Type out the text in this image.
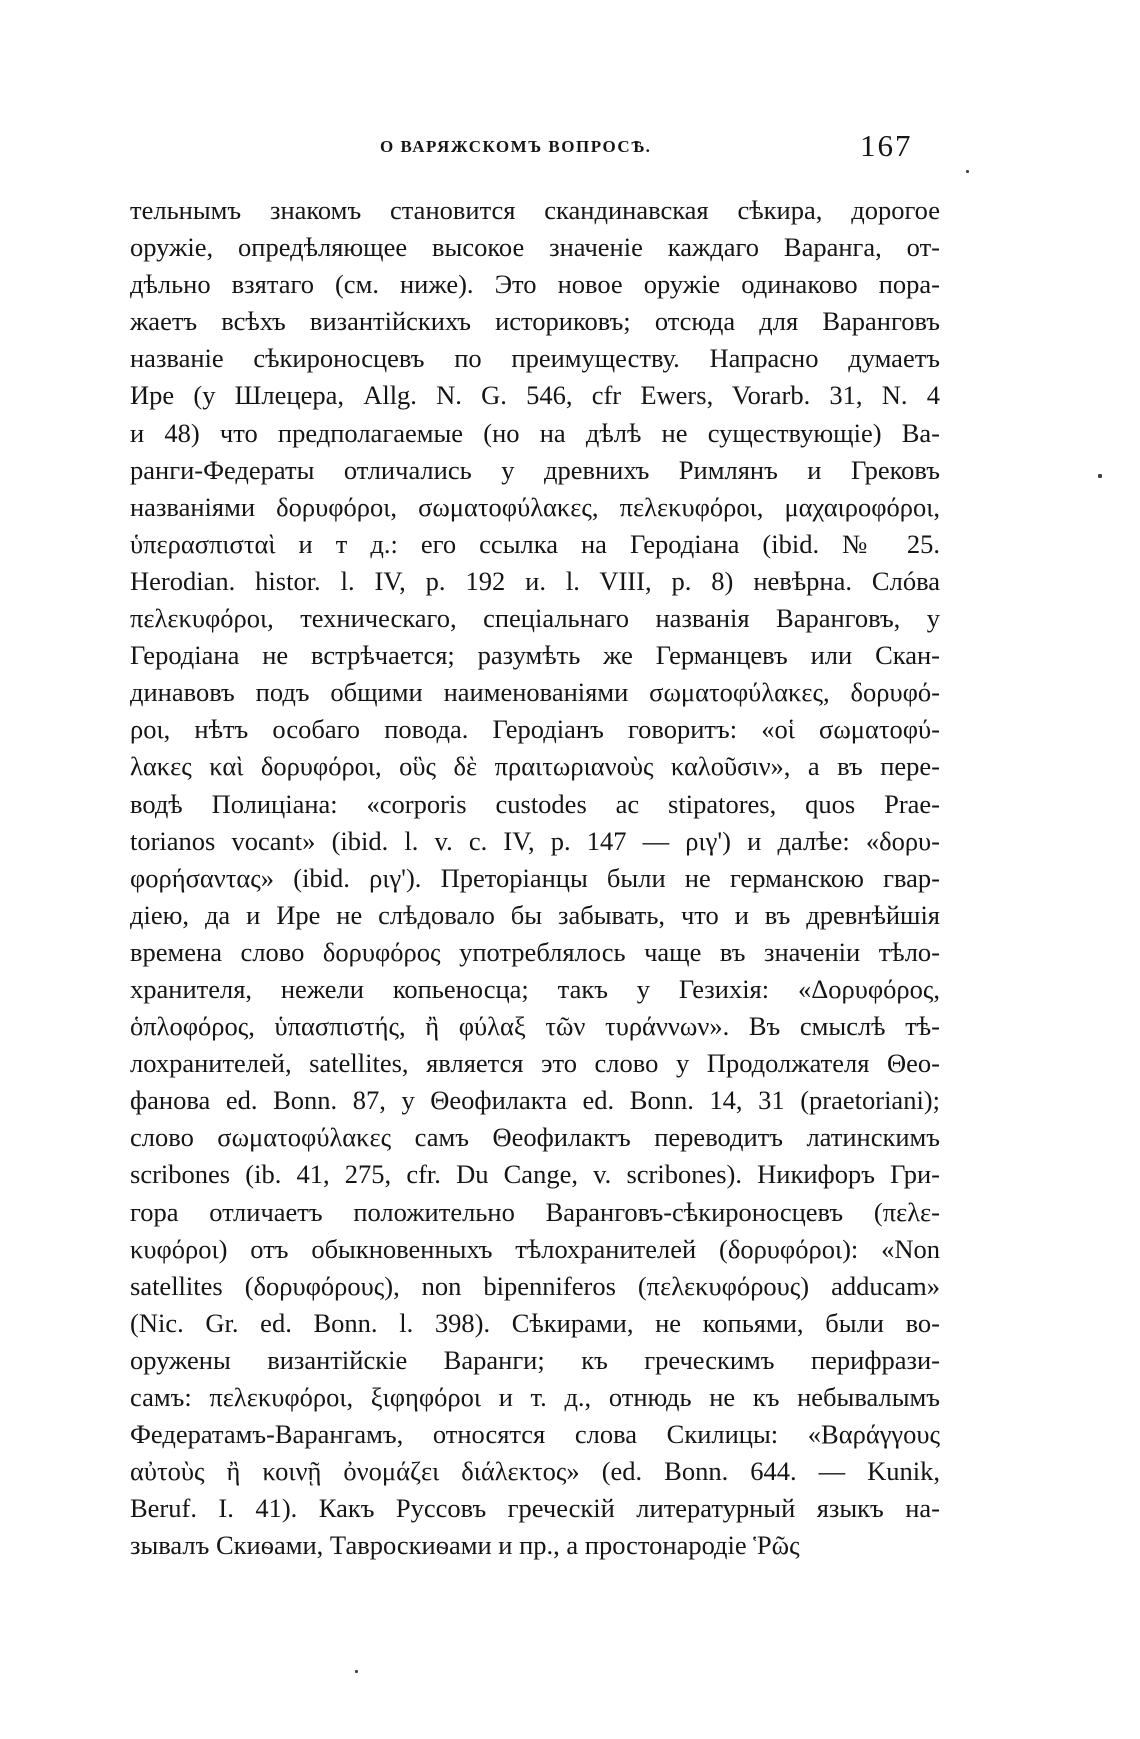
О ВАРЯЖСКОМЪ ВОПРОСѢ.	167
тельнымъ знакомъ становится скандинавская сѣкира, дорогое
оружіе, опредѣляющее высокое значеніе каждаго Варанга, от-
дѣльно взятаго (см. ниже). Это новое оружіе одинаково пора-
жаетъ всѣхъ византійскихъ историковъ; отсюда для Варанговъ
названіе сѣкироносцевъ по преимуществу. Напрасно думаетъ
Ире (у Шлецера, Allg. N. G. 546, cfr Ewers, Vorarb. 31, N. 4
и 48) что предполагаемые (но на дѣлѣ не существующіе) Ва-
ранги-Федераты отличались у древнихъ Римлянъ и Грековъ
названіями δορυφόροι, σωματοφύλακες, πελεκυφόροι, μαχαιροφόροι,
ὑπερασπισταὶ и т д.: его ссылка на Геродіана (ibid. № 25.
Herodian. histor. l. IV, p. 192 и. l. VIII, p. 8) невѣрна. Слóва
πελεκυφόροι, техническаго, спеціальнаго названія Варанговъ, у
Геродіана не встрѣчается; разумѣть же Германцевъ или Скан-
динавовъ подъ общими наименованіями σωματοφύλακες, δορυφό-
ροι, нѣтъ особаго повода. Геродіанъ говоритъ: «οἱ σωματοφύ-
λακες καὶ δορυφόροι, οὓς δὲ πραιτωριανοὺς καλοῦσιν», а въ пере-
водѣ Полиціана: «corporis custodes ac stipatores, quos Prae-
torianos vocant» (ibid. l. v. c. IV, p. 147 — ριγ') и далѣе: «δορυ-
φορήσαντας» (ibid. ριγ'). Преторіанцы были не германскою гвар-
діею, да и Ире не слѣдовало бы забывать, что и въ древнѣйшія
времена слово δορυφόρος употреблялось чаще въ значеніи тѣло-
хранителя, нежели копьеносца; такъ у Гезихія: «Δορυφόρος,
ὁπλοφόρος, ὑπασπιστής, ἢ φύλαξ τῶν τυράννων». Въ смыслѣ тѣ-
лохранителей, satellites, является это слово у Продолжателя Θео-
фанова ed. Bonn. 87, у Θеофилакта ed. Bonn. 14, 31 (praetoriani);
слово σωματοφύλακες самъ Θеофилактъ переводитъ латинскимъ
scribones (ib. 41, 275, cfr. Du Cange, v. scribones). Никифоръ Гри-
гора отличаетъ положительно Варанговъ-сѣкироносцевъ (πελε-
κυφόροι) отъ обыкновенныхъ тѣлохранителей (δορυφόροι): «Non
satellites (δορυφόρους), non bipenniferos (πελεκυφόρους) adducam»
(Nic. Gr. ed. Bonn. l. 398). Сѣкирами, не копьями, были во-
оружены византійскіе Варанги; къ греческимъ перифрази-
самъ: πελεκυφόροι, ξιφηφόροι и т. д., отнюдь не къ небывалымъ
Федератамъ-Варангамъ, относятся слова Скилицы: «Βαράγγους
αὐτοὺς ἢ κοινῇ ὀνομάζει διάλεκτος» (ed. Bonn. 644. — Kunik,
Beruf. I. 41). Какъ Руссовъ греческій литературный языкъ на-
зывалъ Скиѳами, Тавроскиѳами и пр., а простонародіе Ῥῶς
